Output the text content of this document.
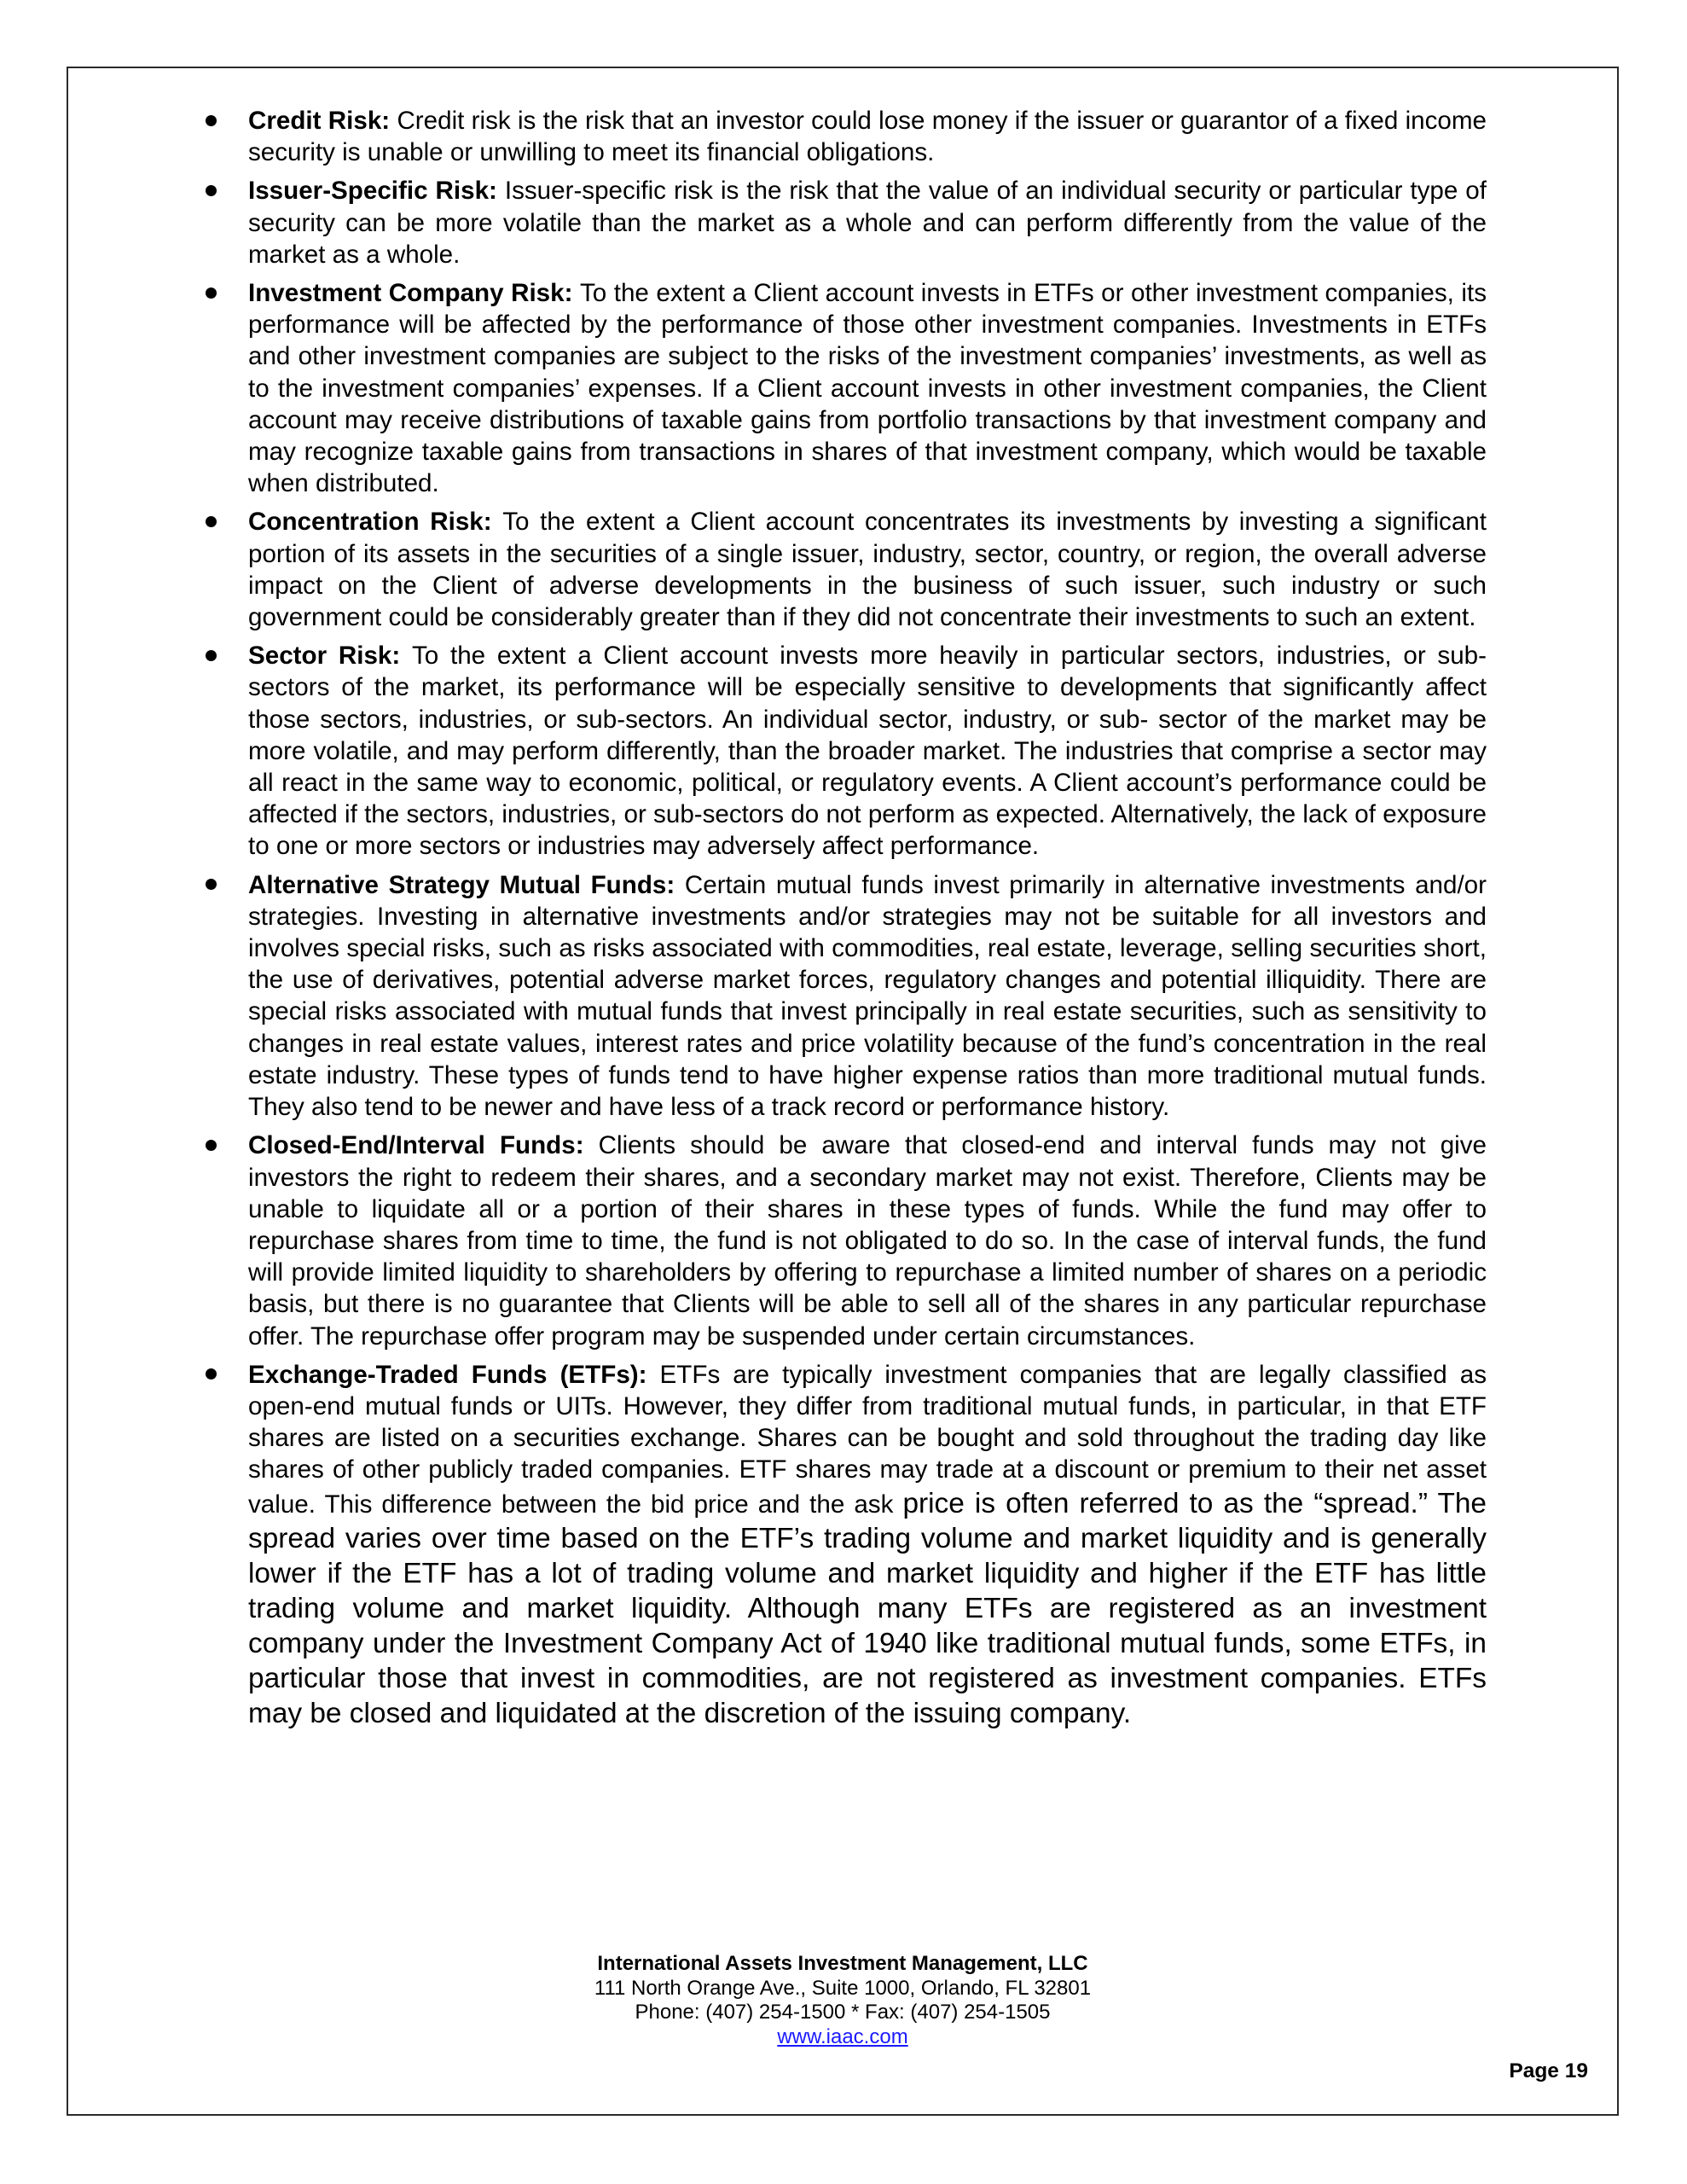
Credit Risk: Credit risk is the risk that an investor could lose money if the issuer or guarantor of a fixed income security is unable or unwilling to meet its financial obligations.
Issuer-Specific Risk: Issuer-specific risk is the risk that the value of an individual security or particular type of security can be more volatile than the market as a whole and can perform differently from the value of the market as a whole.
Investment Company Risk: To the extent a Client account invests in ETFs or other investment companies, its performance will be affected by the performance of those other investment companies. Investments in ETFs and other investment companies are subject to the risks of the investment companies’ investments, as well as to the investment companies’ expenses. If a Client account invests in other investment companies, the Client account may receive distributions of taxable gains from portfolio transactions by that investment company and may recognize taxable gains from transactions in shares of that investment company, which would be taxable when distributed.
Concentration Risk: To the extent a Client account concentrates its investments by investing a significant portion of its assets in the securities of a single issuer, industry, sector, country, or region, the overall adverse impact on the Client of adverse developments in the business of such issuer, such industry or such government could be considerably greater than if they did not concentrate their investments to such an extent.
Sector Risk: To the extent a Client account invests more heavily in particular sectors, industries, or sub-sectors of the market, its performance will be especially sensitive to developments that significantly affect those sectors, industries, or sub-sectors. An individual sector, industry, or sub- sector of the market may be more volatile, and may perform differently, than the broader market. The industries that comprise a sector may all react in the same way to economic, political, or regulatory events. A Client account’s performance could be affected if the sectors, industries, or sub-sectors do not perform as expected. Alternatively, the lack of exposure to one or more sectors or industries may adversely affect performance.
Alternative Strategy Mutual Funds: Certain mutual funds invest primarily in alternative investments and/or strategies. Investing in alternative investments and/or strategies may not be suitable for all investors and involves special risks, such as risks associated with commodities, real estate, leverage, selling securities short, the use of derivatives, potential adverse market forces, regulatory changes and potential illiquidity. There are special risks associated with mutual funds that invest principally in real estate securities, such as sensitivity to changes in real estate values, interest rates and price volatility because of the fund’s concentration in the real estate industry. These types of funds tend to have higher expense ratios than more traditional mutual funds. They also tend to be newer and have less of a track record or performance history.
Closed-End/Interval Funds: Clients should be aware that closed-end and interval funds may not give investors the right to redeem their shares, and a secondary market may not exist. Therefore, Clients may be unable to liquidate all or a portion of their shares in these types of funds. While the fund may offer to repurchase shares from time to time, the fund is not obligated to do so. In the case of interval funds, the fund will provide limited liquidity to shareholders by offering to repurchase a limited number of shares on a periodic basis, but there is no guarantee that Clients will be able to sell all of the shares in any particular repurchase offer. The repurchase offer program may be suspended under certain circumstances.
Exchange-Traded Funds (ETFs): ETFs are typically investment companies that are legally classified as open-end mutual funds or UITs. However, they differ from traditional mutual funds, in particular, in that ETF shares are listed on a securities exchange. Shares can be bought and sold throughout the trading day like shares of other publicly traded companies. ETF shares may trade at a discount or premium to their net asset value. This difference between the bid price and the ask price is often referred to as the “spread.” The spread varies over time based on the ETF’s trading volume and market liquidity and is generally lower if the ETF has a lot of trading volume and market liquidity and higher if the ETF has little trading volume and market liquidity. Although many ETFs are registered as an investment company under the Investment Company Act of 1940 like traditional mutual funds, some ETFs, in particular those that invest in commodities, are not registered as investment companies. ETFs may be closed and liquidated at the discretion of the issuing company.
International Assets Investment Management, LLC
111 North Orange Ave., Suite 1000, Orlando, FL 32801
Phone: (407) 254-1500 * Fax: (407) 254-1505
www.iaac.com
Page 19
